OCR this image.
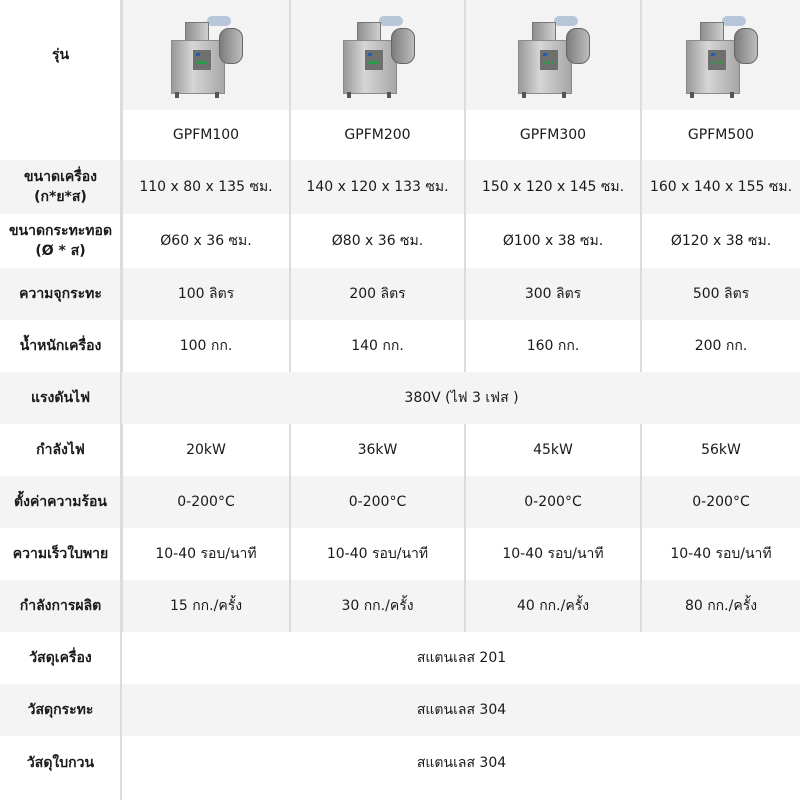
รุ่น
GPFM100	GPFM200	GPFM300	GPFM500
ขนาดเครื่อง
(ก*ย*ส)
110 x 80 x 135 ซม.	140 x 120 x 133 ซม.	150 x 120 x 145 ซม.	160 x 140 x 155 ซม.
ขนาดกระทะทอด
(Ø * ส)
Ø60 x 36 ซม.	Ø80 x 36 ซม.	Ø100 x 38 ซม.	Ø120 x 38 ซม.
ความจุกระทะ	100 ลิตร	200 ลิตร	300 ลิตร	500 ลิตร
น้ำหนักเครื่อง	100 กก.	140 กก.	160 กก.	200 กก.
แรงดันไฟ	380V (ไฟ 3 เฟส )
กำลังไฟ	20kW	36kW	45kW	56kW
ตั้งค่าความร้อน	0-200°C	0-200°C	0-200°C	0-200°C
ความเร็วใบพาย	10-40 รอบ/นาที	10-40 รอบ/นาที	10-40 รอบ/นาที	10-40 รอบ/นาที
กำลังการผลิต	15 กก./ครั้ง	30 กก./ครั้ง	40 กก./ครั้ง	80 กก./ครั้ง
วัสดุเครื่อง	สแตนเลส 201
วัสดุกระทะ	สแตนเลส 304
วัสดุใบกวน	สแตนเลส 304
